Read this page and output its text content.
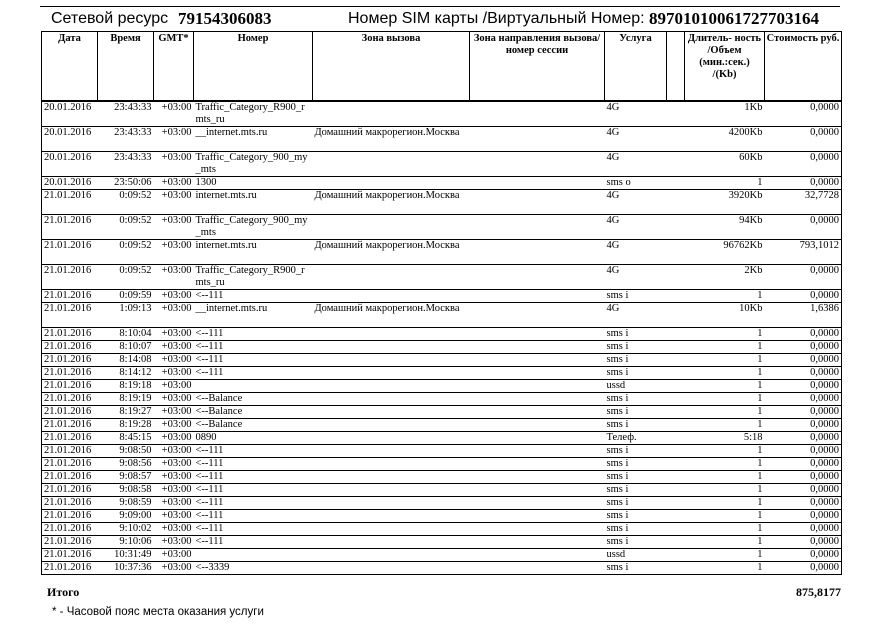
Сетевой ресурс 79154306083	Номер SIM карты /Виртуальный Номер: 89701010061727703164
Дата	Время	GMT*	Номер	Зона вызова	Зона направления вызова/номер сессии	Услуга		Длитель- ность /Объем (мин.:сек.) /(Kb)	Стоимость руб.
20.01.2016	23:43:33	+03:00	Traffic_Category_R900_rmts_ru			4G		1Kb	0,0000
20.01.2016	23:43:33	+03:00	__internet.mts.ru	Домашний макрорегион.Москва		4G		4200Kb	0,0000
20.01.2016	23:43:33	+03:00	Traffic_Category_900_my_mts			4G		60Kb	0,0000
20.01.2016	23:50:06	+03:00	1300			sms o		1	0,0000
21.01.2016	0:09:52	+03:00	internet.mts.ru	Домашний макрорегион.Москва		4G		3920Kb	32,7728
21.01.2016	0:09:52	+03:00	Traffic_Category_900_my_mts			4G		94Kb	0,0000
21.01.2016	0:09:52	+03:00	internet.mts.ru	Домашний макрорегион.Москва		4G		96762Kb	793,1012
21.01.2016	0:09:52	+03:00	Traffic_Category_R900_rmts_ru			4G		2Kb	0,0000
21.01.2016	0:09:59	+03:00	<--111			sms i		1	0,0000
21.01.2016	1:09:13	+03:00	__internet.mts.ru	Домашний макрорегион.Москва		4G		10Kb	1,6386
21.01.2016	8:10:04	+03:00	<--111			sms i		1	0,0000
21.01.2016	8:10:07	+03:00	<--111			sms i		1	0,0000
21.01.2016	8:14:08	+03:00	<--111			sms i		1	0,0000
21.01.2016	8:14:12	+03:00	<--111			sms i		1	0,0000
21.01.2016	8:19:18	+03:00				ussd		1	0,0000
21.01.2016	8:19:19	+03:00	<--Balance			sms i		1	0,0000
21.01.2016	8:19:27	+03:00	<--Balance			sms i		1	0,0000
21.01.2016	8:19:28	+03:00	<--Balance			sms i		1	0,0000
21.01.2016	8:45:15	+03:00	0890			Телеф.		5:18	0,0000
21.01.2016	9:08:50	+03:00	<--111			sms i		1	0,0000
21.01.2016	9:08:56	+03:00	<--111			sms i		1	0,0000
21.01.2016	9:08:57	+03:00	<--111			sms i		1	0,0000
21.01.2016	9:08:58	+03:00	<--111			sms i		1	0,0000
21.01.2016	9:08:59	+03:00	<--111			sms i		1	0,0000
21.01.2016	9:09:00	+03:00	<--111			sms i		1	0,0000
21.01.2016	9:10:02	+03:00	<--111			sms i		1	0,0000
21.01.2016	9:10:06	+03:00	<--111			sms i		1	0,0000
21.01.2016	10:31:49	+03:00				ussd		1	0,0000
21.01.2016	10:37:36	+03:00	<--3339			sms i		1	0,0000
Итого	875,8177
* - Часовой пояс места оказания услуги
